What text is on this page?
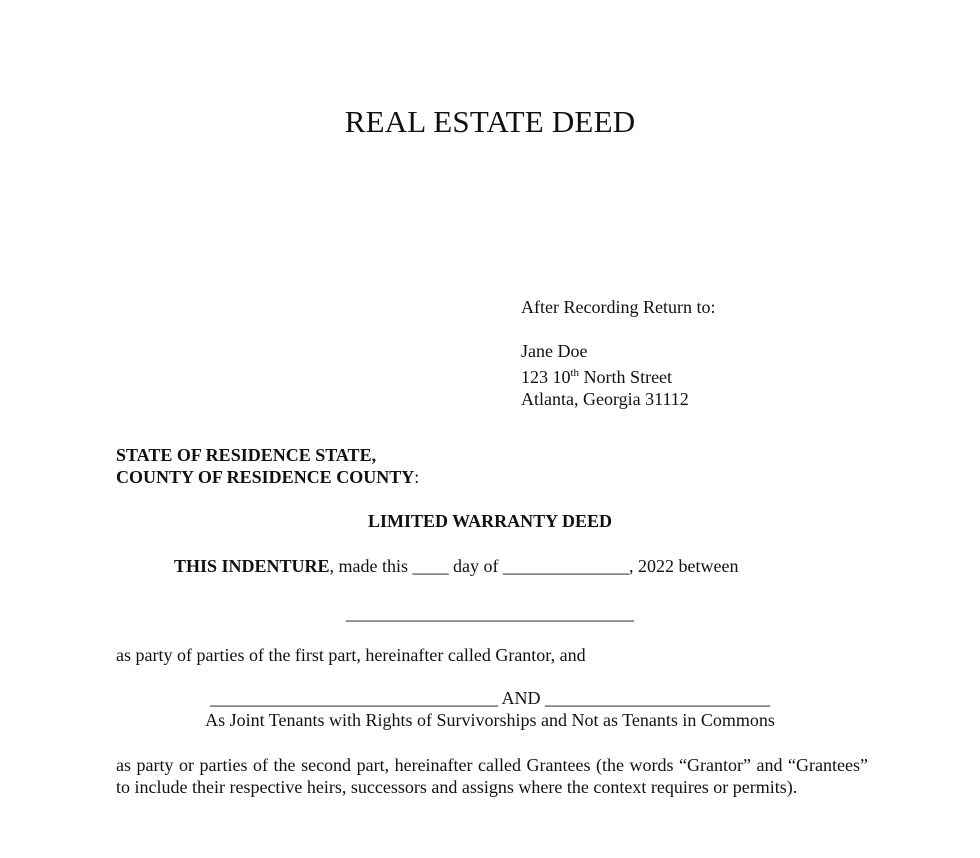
REAL ESTATE DEED
After Recording Return to:
Jane Doe
123 10th North Street
Atlanta, Georgia 31112
STATE OF RESIDENCE STATE,
COUNTY OF RESIDENCE COUNTY:
LIMITED WARRANTY DEED
THIS INDENTURE, made this ____ day of ______________, 2022 between
________________________________
as party of parties of the first part, hereinafter called Grantor, and
________________________________ AND _________________________
As Joint Tenants with Rights of Survivorships and Not as Tenants in Commons
as party or parties of the second part, hereinafter called Grantees (the words “Grantor” and “Grantees” to include their respective heirs, successors and assigns where the context requires or permits).
